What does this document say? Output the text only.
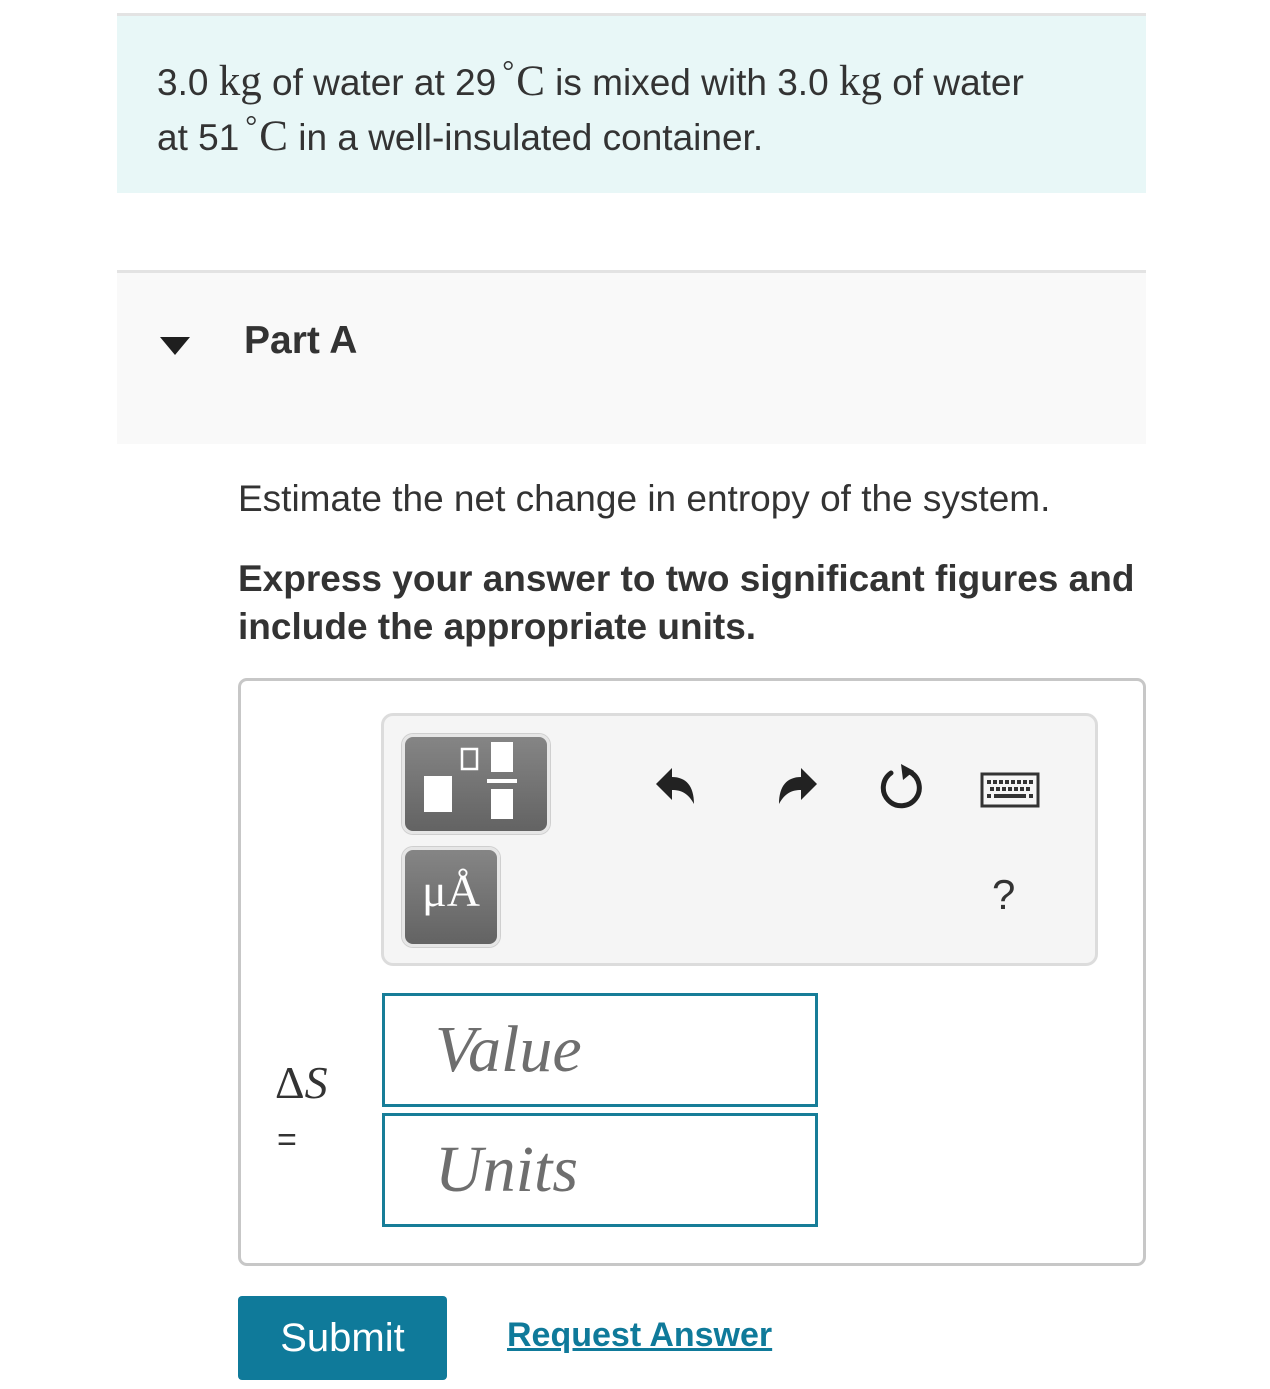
3.0 kg of water at 29 °C is mixed with 3.0 kg of water
at 51 °C in a well-insulated container.
Part A
Estimate the net change in entropy of the system.
Express your answer to two significant figures and include the appropriate units.
μÅ	?
ΔS
=
Value
Units
Submit	Request Answer
